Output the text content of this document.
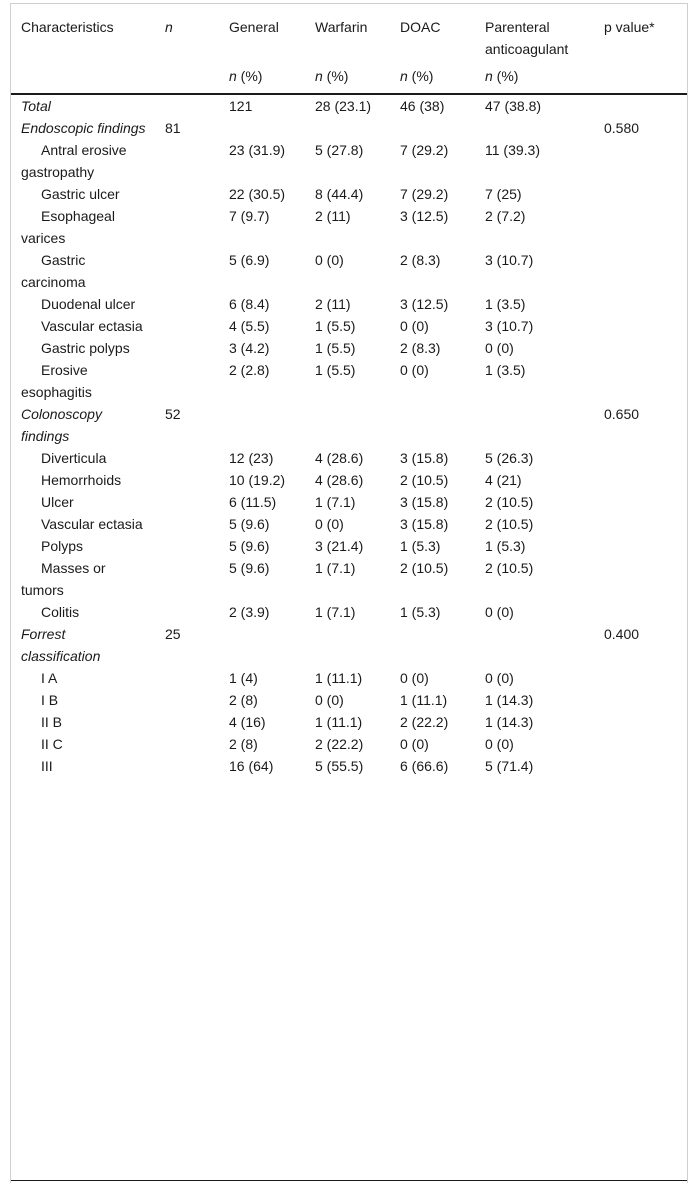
Characteristics	n	General	Warfarin	DOAC	Parenteral anticoagulant	p value*
		n (%)	n (%)	n (%)	n (%)	
Total		121	28 (23.1)	46 (38)	47 (38.8)	
Endoscopic findings	81					0.580
Antral erosive gastropathy		23 (31.9)	5 (27.8)	7 (29.2)	11 (39.3)	
Gastric ulcer		22 (30.5)	8 (44.4)	7 (29.2)	7 (25)	
Esophageal varices		7 (9.7)	2 (11)	3 (12.5)	2 (7.2)	
Gastric carcinoma		5 (6.9)	0 (0)	2 (8.3)	3 (10.7)	
Duodenal ulcer		6 (8.4)	2 (11)	3 (12.5)	1 (3.5)	
Vascular ectasia		4 (5.5)	1 (5.5)	0 (0)	3 (10.7)	
Gastric polyps		3 (4.2)	1 (5.5)	2 (8.3)	0 (0)	
Erosive esophagitis		2 (2.8)	1 (5.5)	0 (0)	1 (3.5)	
Colonoscopy findings	52					0.650
Diverticula		12 (23)	4 (28.6)	3 (15.8)	5 (26.3)	
Hemorrhoids		10 (19.2)	4 (28.6)	2 (10.5)	4 (21)	
Ulcer		6 (11.5)	1 (7.1)	3 (15.8)	2 (10.5)	
Vascular ectasia		5 (9.6)	0 (0)	3 (15.8)	2 (10.5)	
Polyps		5 (9.6)	3 (21.4)	1 (5.3)	1 (5.3)	
Masses or tumors		5 (9.6)	1 (7.1)	2 (10.5)	2 (10.5)	
Colitis		2 (3.9)	1 (7.1)	1 (5.3)	0 (0)	
Forrest classification	25					0.400
I A		1 (4)	1 (11.1)	0 (0)	0 (0)	
I B		2 (8)	0 (0)	1 (11.1)	1 (14.3)	
II B		4 (16)	1 (11.1)	2 (22.2)	1 (14.3)	
II C		2 (8)	2 (22.2)	0 (0)	0 (0)	
III		16 (64)	5 (55.5)	6 (66.6)	5 (71.4)	
